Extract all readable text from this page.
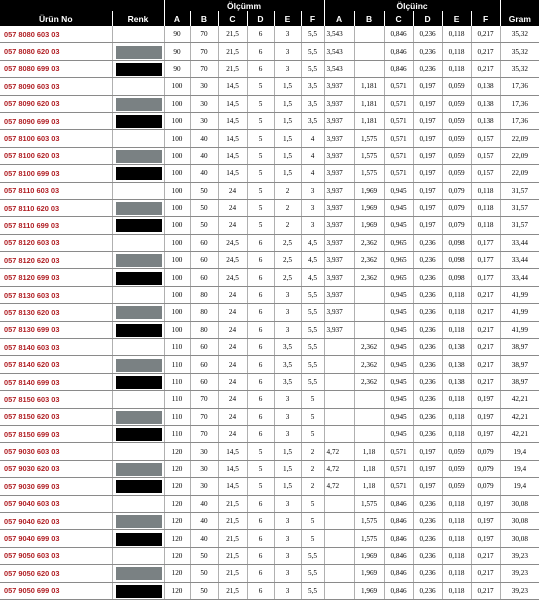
		Ölçümm						Ölçüinc						
Ürün No	Renk	A	B	C	D	E	F	A	B	C	D	E	F	Gram
057 8080 603 03		90	70	21,5	6	3	5,5	3,543		0,846	0,236	0,118	0,217	35,32
057 8080 620 03		90	70	21,5	6	3	5,5	3,543		0,846	0,236	0,118	0,217	35,32
057 8080 699 03		90	70	21,5	6	3	5,5	3,543		0,846	0,236	0,118	0,217	35,32
057 8090 603 03		100	30	14,5	5	1,5	3,5	3,937	1,181	0,571	0,197	0,059	0,138	17,36
057 8090 620 03		100	30	14,5	5	1,5	3,5	3,937	1,181	0,571	0,197	0,059	0,138	17,36
057 8090 699 03		100	30	14,5	5	1,5	3,5	3,937	1,181	0,571	0,197	0,059	0,138	17,36
057 8100 603 03		100	40	14,5	5	1,5	4	3,937	1,575	0,571	0,197	0,059	0,157	22,09
057 8100 620 03		100	40	14,5	5	1,5	4	3,937	1,575	0,571	0,197	0,059	0,157	22,09
057 8100 699 03		100	40	14,5	5	1,5	4	3,937	1,575	0,571	0,197	0,059	0,157	22,09
057 8110 603 03		100	50	24	5	2	3	3,937	1,969	0,945	0,197	0,079	0,118	31,57
057 8110 620 03		100	50	24	5	2	3	3,937	1,969	0,945	0,197	0,079	0,118	31,57
057 8110 699 03		100	50	24	5	2	3	3,937	1,969	0,945	0,197	0,079	0,118	31,57
057 8120 603 03		100	60	24,5	6	2,5	4,5	3,937	2,362	0,965	0,236	0,098	0,177	33,44
057 8120 620 03		100	60	24,5	6	2,5	4,5	3,937	2,362	0,965	0,236	0,098	0,177	33,44
057 8120 699 03		100	60	24,5	6	2,5	4,5	3,937	2,362	0,965	0,236	0,098	0,177	33,44
057 8130 603 03		100	80	24	6	3	5,5	3,937		0,945	0,236	0,118	0,217	41,99
057 8130 620 03		100	80	24	6	3	5,5	3,937		0,945	0,236	0,118	0,217	41,99
057 8130 699 03		100	80	24	6	3	5,5	3,937		0,945	0,236	0,118	0,217	41,99
057 8140 603 03		110	60	24	6	3,5	5,5		2,362	0,945	0,236	0,138	0,217	38,97
057 8140 620 03		110	60	24	6	3,5	5,5		2,362	0,945	0,236	0,138	0,217	38,97
057 8140 699 03		110	60	24	6	3,5	5,5		2,362	0,945	0,236	0,138	0,217	38,97
057 8150 603 03		110	70	24	6	3	5			0,945	0,236	0,118	0,197	42,21
057 8150 620 03		110	70	24	6	3	5			0,945	0,236	0,118	0,197	42,21
057 8150 699 03		110	70	24	6	3	5			0,945	0,236	0,118	0,197	42,21
057 9030 603 03		120	30	14,5	5	1,5	2	4,72	1,18	0,571	0,197	0,059	0,079	19,4
057 9030 620 03		120	30	14,5	5	1,5	2	4,72	1,18	0,571	0,197	0,059	0,079	19,4
057 9030 699 03		120	30	14,5	5	1,5	2	4,72	1,18	0,571	0,197	0,059	0,079	19,4
057 9040 603 03		120	40	21,5	6	3	5		1,575	0,846	0,236	0,118	0,197	30,08
057 9040 620 03		120	40	21,5	6	3	5		1,575	0,846	0,236	0,118	0,197	30,08
057 9040 699 03		120	40	21,5	6	3	5		1,575	0,846	0,236	0,118	0,197	30,08
057 9050 603 03		120	50	21,5	6	3	5,5		1,969	0,846	0,236	0,118	0,217	39,23
057 9050 620 03		120	50	21,5	6	3	5,5		1,969	0,846	0,236	0,118	0,217	39,23
057 9050 699 03		120	50	21,5	6	3	5,5		1,969	0,846	0,236	0,118	0,217	39,23
